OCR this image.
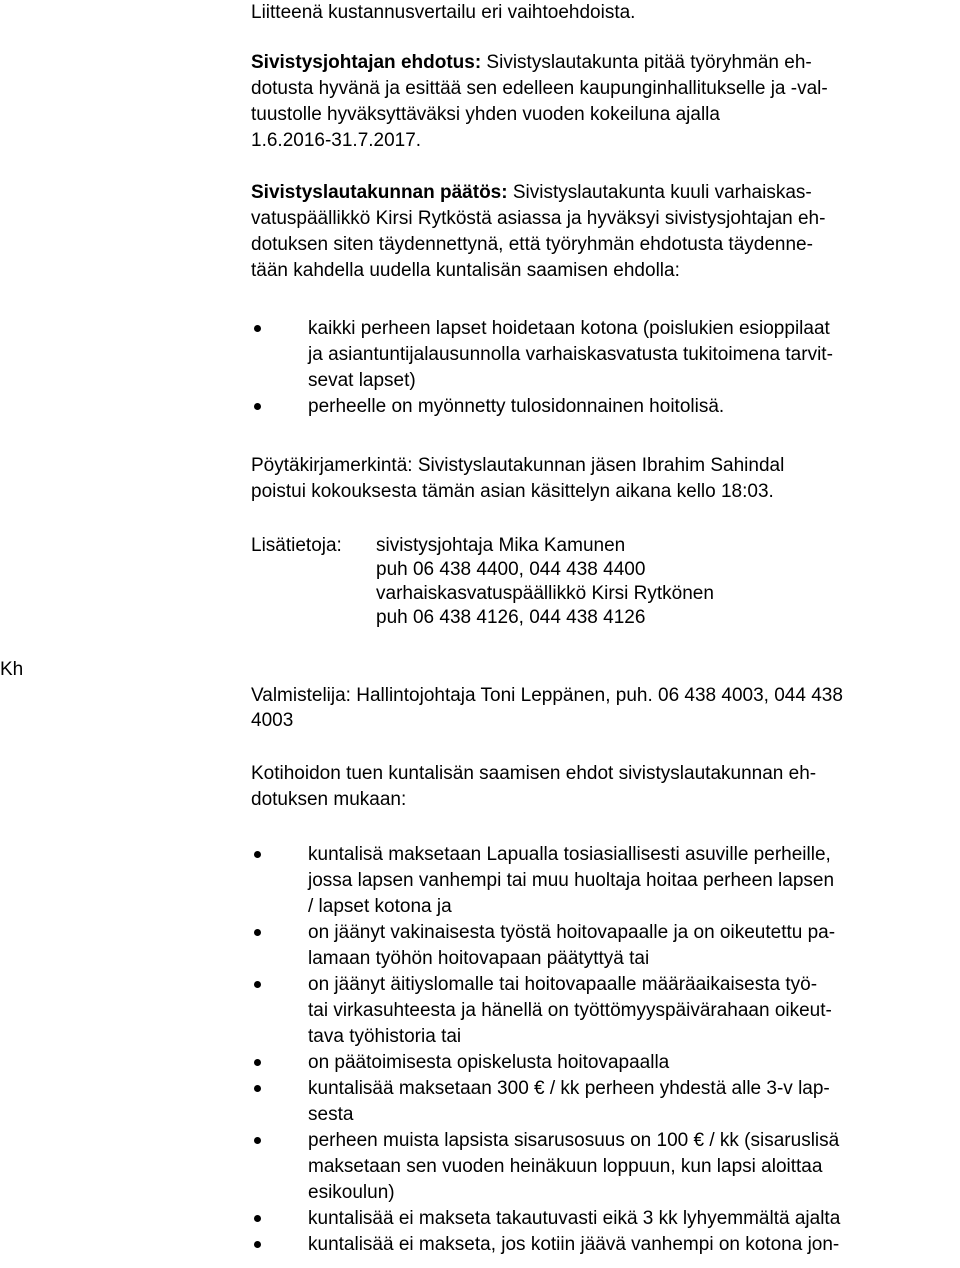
Kh
Liitteenä kustannusvertailu eri vaihtoehdoista.
Sivistysjohtajan ehdotus: Sivistyslautakunta pitää työryhmän eh-
dotusta hyvänä ja esittää sen edelleen kaupunginhallitukselle ja -val-
tuustolle hyväksyttäväksi yhden vuoden kokeiluna ajalla
1.6.2016-31.7.2017.
Sivistyslautakunnan päätös: Sivistyslautakunta kuuli varhaiskas-
vatuspäällikkö Kirsi Rytköstä asiassa ja hyväksyi sivistysjohtajan eh-
dotuksen siten täydennettynä, että työryhmän ehdotusta täydenne-
tään kahdella uudella kuntalisän saamisen ehdolla:
kaikki perheen lapset hoidetaan kotona (poislukien esioppilaat
ja asiantuntijalausunnolla varhaiskasvatusta tukitoimena tarvit-
sevat lapset)
perheelle on myönnetty tulosidonnainen hoitolisä.
Pöytäkirjamerkintä: Sivistyslautakunnan jäsen Ibrahim Sahindal
poistui kokouksesta tämän asian käsittelyn aikana kello 18:03.
Lisätietoja: sivistysjohtaja Mika Kamunen
puh 06 438 4400, 044 438 4400
varhaiskasvatuspäällikkö Kirsi Rytkönen
puh 06 438 4126, 044 438 4126
Valmistelija: Hallintojohtaja Toni Leppänen, puh. 06 438 4003, 044 438
4003
Kotihoidon tuen kuntalisän saamisen ehdot sivistyslautakunnan eh-
dotuksen mukaan:
kuntalisä maksetaan Lapualla tosiasiallisesti asuville perheille,
jossa lapsen vanhempi tai muu huoltaja hoitaa perheen lapsen
/ lapset kotona ja
on jäänyt vakinaisesta työstä hoitovapaalle ja on oikeutettu pa-
lamaan työhön hoitovapaan päätyttyä tai
on jäänyt äitiyslomalle tai hoitovapaalle määräaikaisesta työ-
tai virkasuhteesta ja hänellä on työttömyyspäivärahaan oikeut-
tava työhistoria tai
on päätoimisesta opiskelusta hoitovapaalla
kuntalisää maksetaan 300 € / kk perheen yhdestä alle 3-v lap-
sesta
perheen muista lapsista sisarusosuus on 100 € / kk (sisaruslisä
maksetaan sen vuoden heinäkuun loppuun, kun lapsi aloittaa
esikoulun)
kuntalisää ei makseta takautuvasti eikä 3 kk lyhyemmältä ajalta
kuntalisää ei makseta, jos kotiin jäävä vanhempi on kotona jon-
